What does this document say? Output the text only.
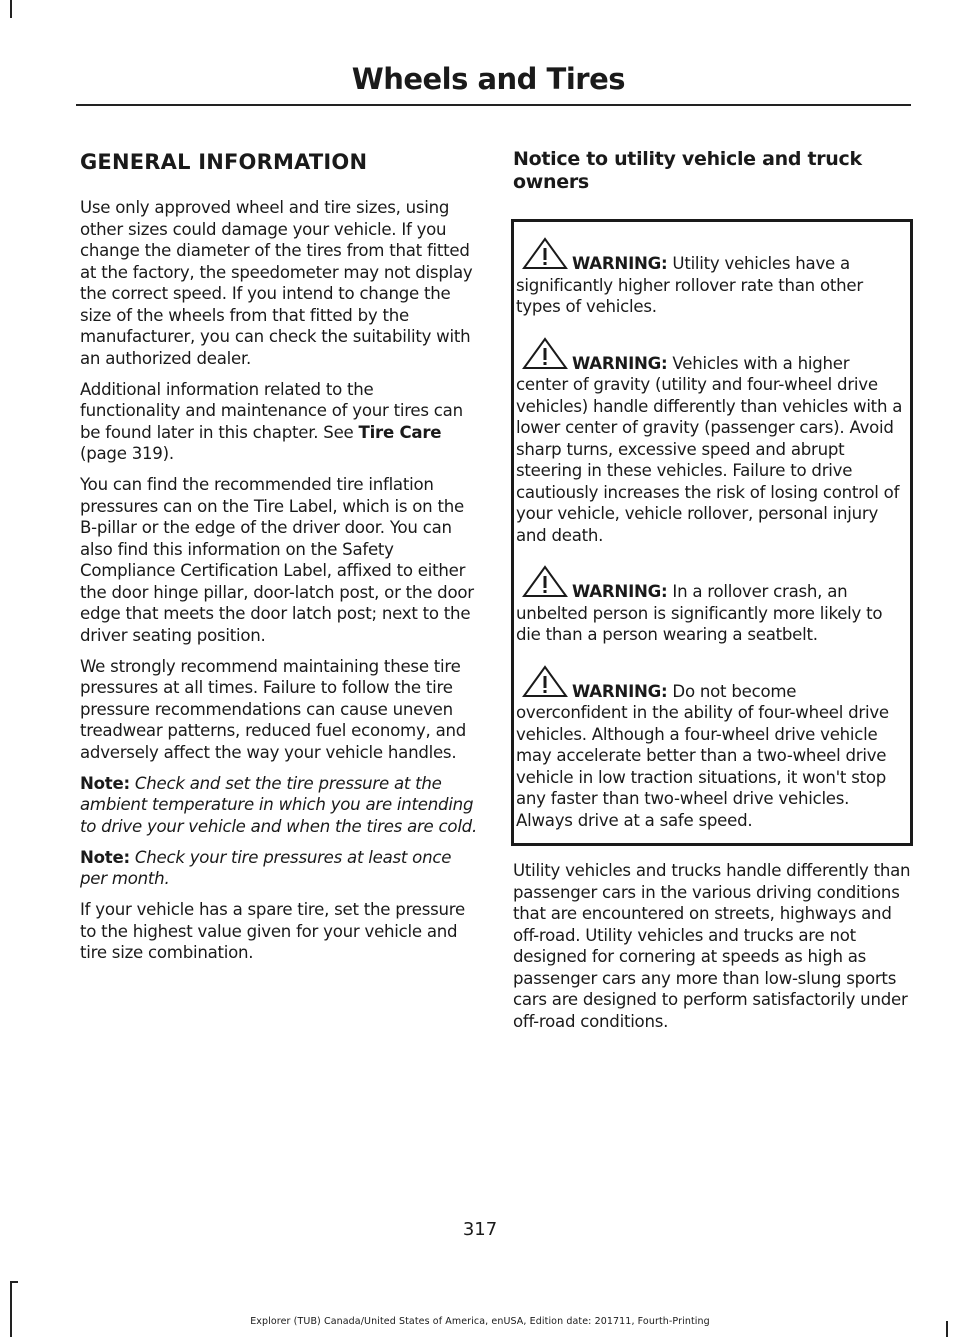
Wheels and Tires
GENERAL INFORMATION

Use only approved wheel and tire sizes, using other sizes could damage your vehicle. If you change the diameter of the tires from that fitted at the factory, the speedometer may not display the correct speed. If you intend to change the size of the wheels from that fitted by the manufacturer, you can check the suitability with an authorized dealer.

Additional information related to the functionality and maintenance of your tires can be found later in this chapter. See Tire Care (page 319).

You can find the recommended tire inflation pressures can on the Tire Label, which is on the B-pillar or the edge of the driver door. You can also find this information on the Safety Compliance Certification Label, affixed to either the door hinge pillar, door-latch post, or the door edge that meets the door latch post; next to the driver seating position.

We strongly recommend maintaining these tire pressures at all times. Failure to follow the tire pressure recommendations can cause uneven treadwear patterns, reduced fuel economy, and adversely affect the way your vehicle handles.

Note: Check and set the tire pressure at the ambient temperature in which you are intending to drive your vehicle and when the tires are cold.

Note: Check your tire pressures at least once per month.

If your vehicle has a spare tire, set the pressure to the highest value given for your vehicle and tire size combination.

Notice to utility vehicle and truck owners
WARNING: Utility vehicles have a significantly higher rollover rate than other types of vehicles.
WARNING: Vehicles with a higher center of gravity (utility and four-wheel drive vehicles) handle differently than vehicles with a lower center of gravity (passenger cars). Avoid sharp turns, excessive speed and abrupt steering in these vehicles. Failure to drive cautiously increases the risk of losing control of your vehicle, vehicle rollover, personal injury and death.
WARNING: In a rollover crash, an unbelted person is significantly more likely to die than a person wearing a seatbelt.
WARNING: Do not become overconfident in the ability of four-wheel drive vehicles. Although a four-wheel drive vehicle may accelerate better than a two-wheel drive vehicle in low traction situations, it won't stop any faster than two-wheel drive vehicles. Always drive at a safe speed.

Utility vehicles and trucks handle differently than passenger cars in the various driving conditions that are encountered on streets, highways and off-road. Utility vehicles and trucks are not designed for cornering at speeds as high as passenger cars any more than low-slung sports cars are designed to perform satisfactorily under off-road conditions.

317
Explorer (TUB) Canada/United States of America, enUSA, Edition date: 201711, Fourth-Printing
